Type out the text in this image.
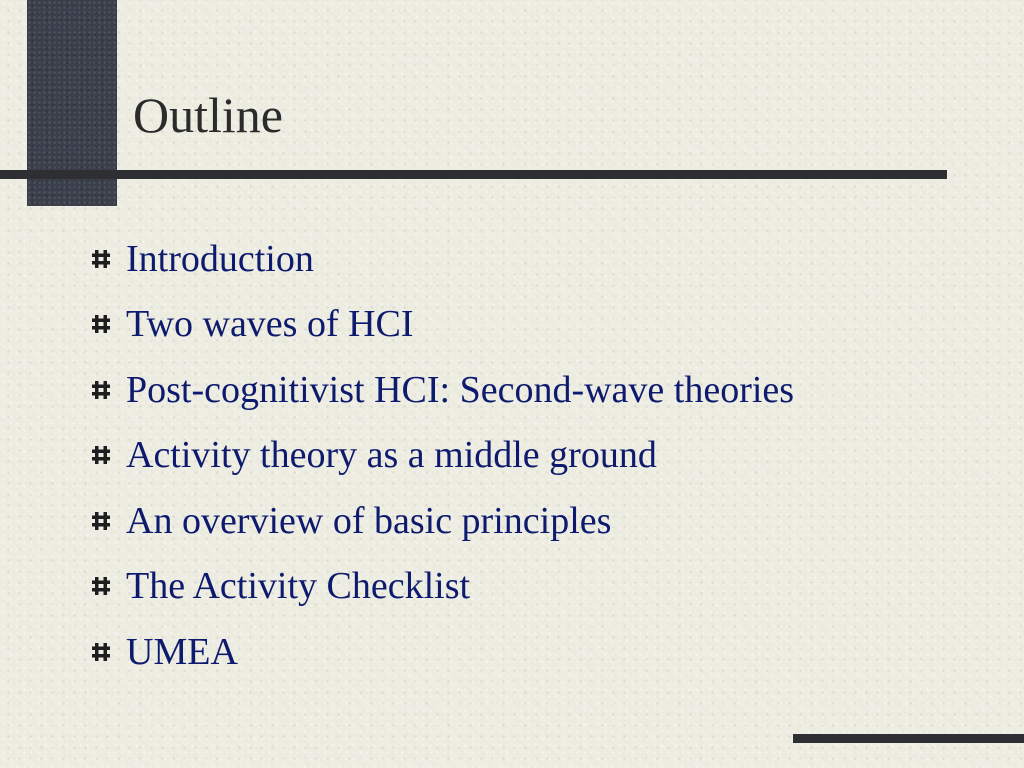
Outline
Introduction
Two waves of HCI
Post-cognitivist HCI: Second-wave theories
Activity theory as a middle ground
An overview of basic principles
The Activity Checklist
UMEA
